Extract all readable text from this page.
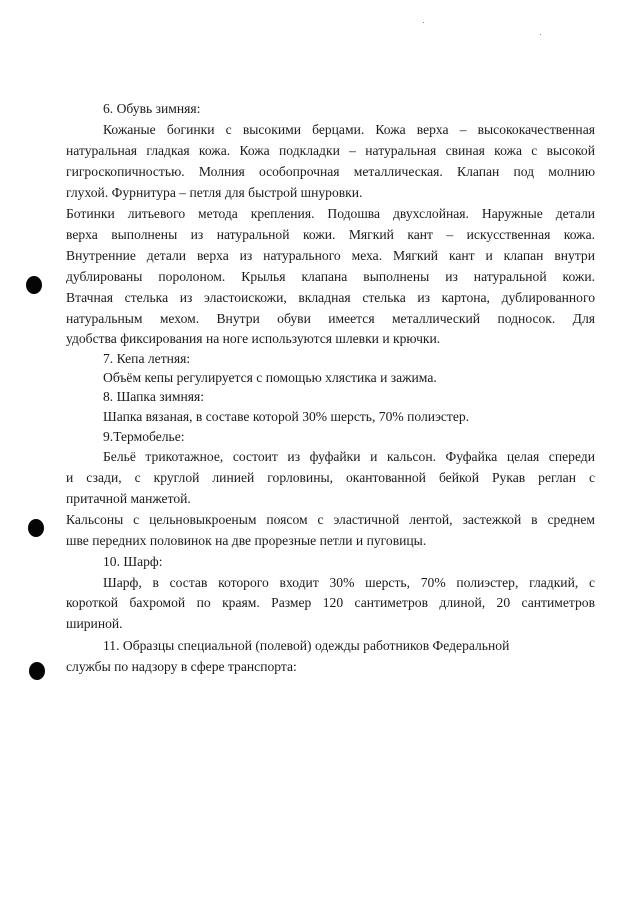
6. Обувь зимняя:

Кожаные богинки с высокими берцами. Кожа верха – высококачественная

натуральная гладкая кожа. Кожа подкладки – натуральная свиная кожа с высокой

гигроскопичностью. Молния особопрочная металлическая. Клапан под молнию

глухой. Фурнитура – петля для быстрой шнуровки.

Ботинки литьевого метода крепления. Подошва двухслойная. Наружные детали

верха выполнены из натуральной кожи. Мягкий кант – искусственная кожа.

Внутренние детали верха из натурального меха. Мягкий кант и клапан внутри

дублированы поролоном. Крылья клапана выполнены из натуральной кожи.

Втачная стелька из эластоискожи, вкладная стелька из картона, дублированного

натуральным мехом. Внутри обуви имеется металлический подносок. Для

удобства фиксирования на ноге используются шлевки и крючки.

7. Кепа летняя:

Объём кепы регулируется с помощью хлястика и зажима.

8. Шапка зимняя:

Шапка вязаная, в составе которой 30% шерсть, 70% полиэстер.

9.Термобелье:

Бельё трикотажное, состоит из фуфайки и кальсон. Фуфайка целая спереди

и сзади, с круглой линией горловины, окантованной бейкой Рукав реглан с

притачной манжетой.

Кальсоны с цельновыкроеным поясом с эластичной лентой, застежкой в среднем

шве передних половинок на две прорезные петли и пуговицы.

10. Шарф:

Шарф, в состав которого входит 30% шерсть, 70% полиэстер, гладкий, с

короткой бахромой по краям. Размер 120 сантиметров длиной, 20 сантиметров

шириной.

11. Образцы специальной (полевой) одежды работников Федеральной

службы по надзору в сфере транспорта:
